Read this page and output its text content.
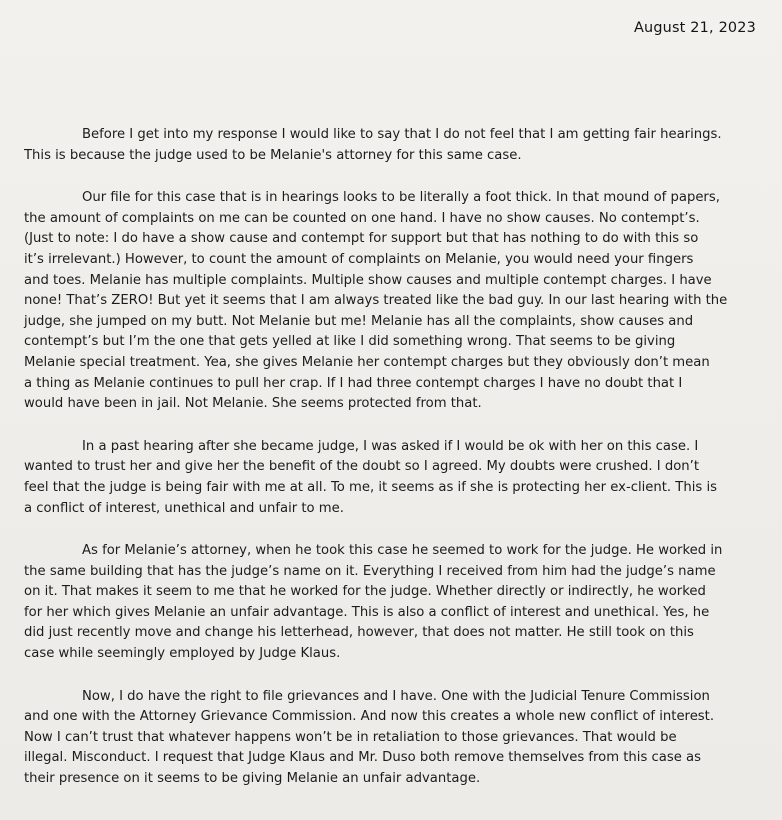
August 21, 2023

Before I get into my response I would like to say that I do not feel that I am getting fair hearings.
This is because the judge used to be Melanie's attorney for this same case.

Our file for this case that is in hearings looks to be literally a foot thick. In that mound of papers,
the amount of complaints on me can be counted on one hand. I have no show causes. No contempt’s.
(Just to note: I do have a show cause and contempt for support but that has nothing to do with this so
it’s irrelevant.) However, to count the amount of complaints on Melanie, you would need your fingers
and toes. Melanie has multiple complaints. Multiple show causes and multiple contempt charges. I have
none! That’s ZERO! But yet it seems that I am always treated like the bad guy. In our last hearing with the
judge, she jumped on my butt. Not Melanie but me! Melanie has all the complaints, show causes and
contempt’s but I’m the one that gets yelled at like I did something wrong. That seems to be giving
Melanie special treatment. Yea, she gives Melanie her contempt charges but they obviously don’t mean
a thing as Melanie continues to pull her crap. If I had three contempt charges I have no doubt that I
would have been in jail. Not Melanie. She seems protected from that.

In a past hearing after she became judge, I was asked if I would be ok with her on this case. I
wanted to trust her and give her the benefit of the doubt so I agreed. My doubts were crushed. I don’t
feel that the judge is being fair with me at all. To me, it seems as if she is protecting her ex-client. This is
a conflict of interest, unethical and unfair to me.

As for Melanie’s attorney, when he took this case he seemed to work for the judge. He worked in
the same building that has the judge’s name on it. Everything I received from him had the judge’s name
on it. That makes it seem to me that he worked for the judge. Whether directly or indirectly, he worked
for her which gives Melanie an unfair advantage. This is also a conflict of interest and unethical. Yes, he
did just recently move and change his letterhead, however, that does not matter. He still took on this
case while seemingly employed by Judge Klaus.

Now, I do have the right to file grievances and I have. One with the Judicial Tenure Commission
and one with the Attorney Grievance Commission. And now this creates a whole new conflict of interest.
Now I can’t trust that whatever happens won’t be in retaliation to those grievances. That would be
illegal. Misconduct. I request that Judge Klaus and Mr. Duso both remove themselves from this case as
their presence on it seems to be giving Melanie an unfair advantage.
